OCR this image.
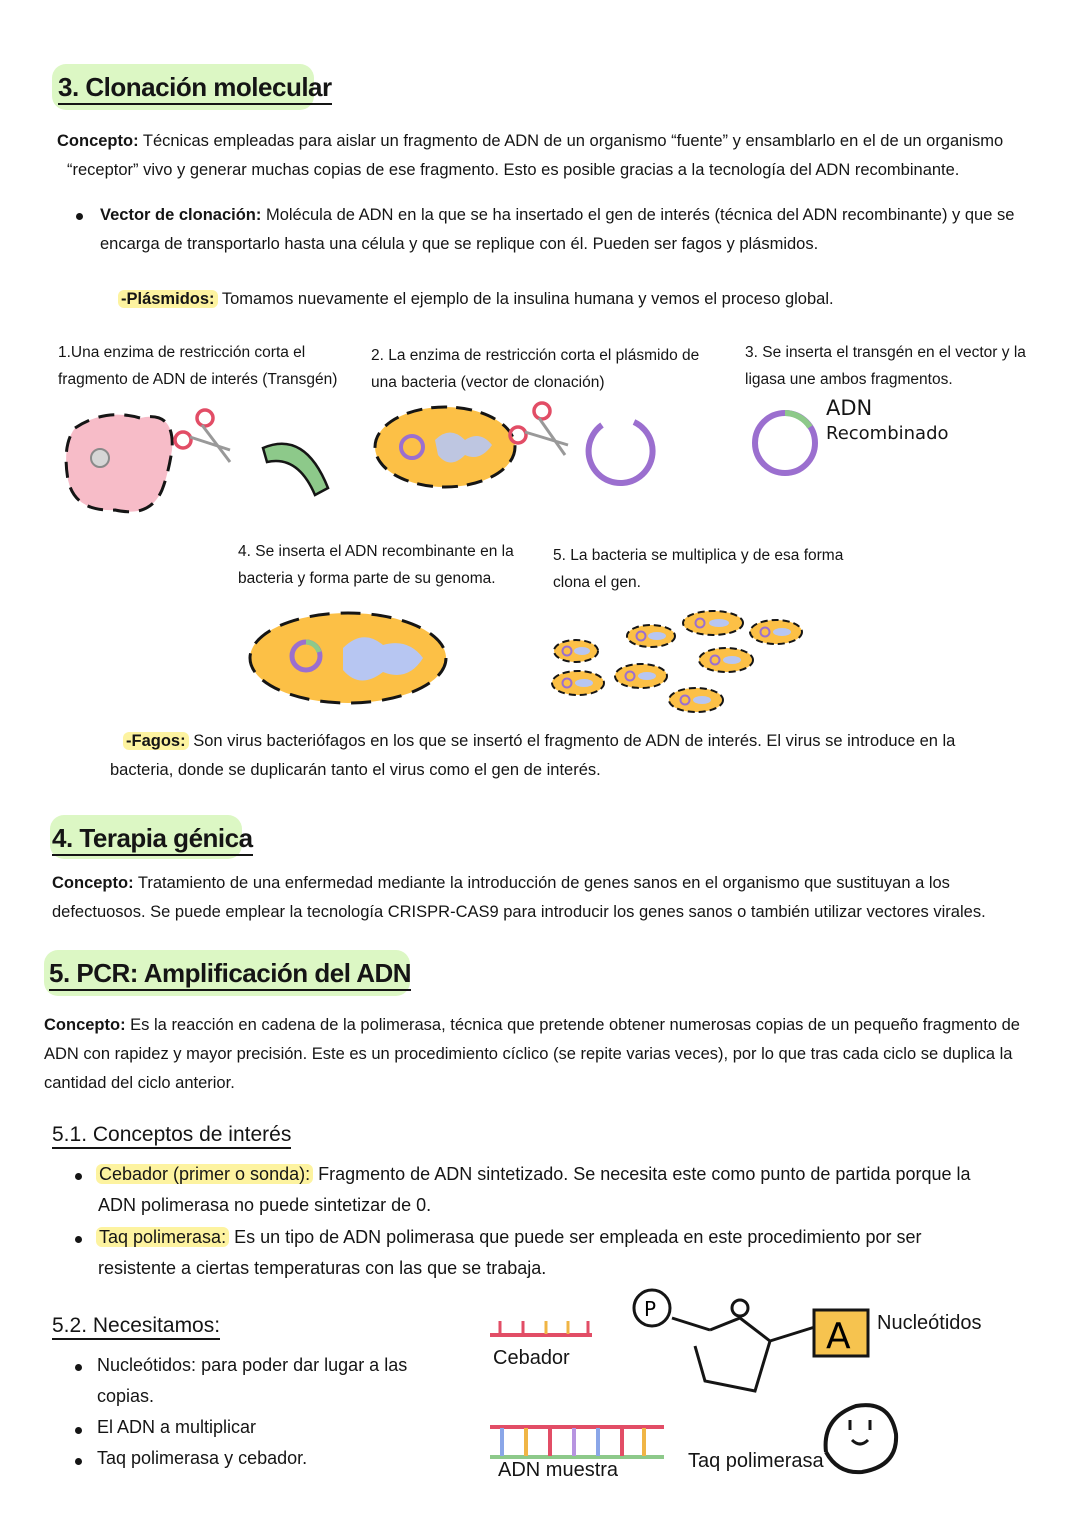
3. Clonación molecular
Concepto: Técnicas empleadas para aislar un fragmento de ADN de un organismo “fuente” y ensamblarlo en el de un organismo
“receptor” vivo y generar muchas copias de ese fragmento. Esto es posible gracias a la tecnología del ADN recombinante.
Vector de clonación: Molécula de ADN en la que se ha insertado el gen de interés (técnica del ADN recombinante) y que se
encarga de transportarlo hasta una célula y que se replique con él. Pueden ser fagos y plásmidos.
-Plásmidos: Tomamos nuevamente el ejemplo de la insulina humana y vemos el proceso global.
1.Una enzima de restricción corta el
fragmento de ADN de interés (Transgén)
2. La enzima de restricción corta el plásmido de
una bacteria (vector de clonación)
3. Se inserta el transgén en el vector y la
ligasa une ambos fragmentos.
ADN
Recombinado
4. Se inserta el ADN recombinante en la
bacteria y forma parte de su genoma.
5. La bacteria se multiplica y de esa forma
clona el gen.
-Fagos: Son virus bacteriófagos en los que se insertó el fragmento de ADN de interés. El virus se introduce en la
bacteria, donde se duplicarán tanto el virus como el gen de interés.
4. Terapia génica
Concepto: Tratamiento de una enfermedad mediante la introducción de genes sanos en el organismo que sustituyan a los
defectuosos. Se puede emplear la tecnología CRISPR-CAS9 para introducir los genes sanos o también utilizar vectores virales.
5. PCR: Amplificación del ADN
Concepto: Es la reacción en cadena de la polimerasa, técnica que pretende obtener numerosas copias de un pequeño fragmento de
ADN con rapidez y mayor precisión. Este es un procedimiento cíclico (se repite varias veces), por lo que tras cada ciclo se duplica la
cantidad del ciclo anterior.
5.1. Conceptos de interés
Cebador (primer o sonda): Fragmento de ADN sintetizado. Se necesita este como punto de partida porque la
ADN polimerasa no puede sintetizar de 0.
Taq polimerasa: Es un tipo de ADN polimerasa que puede ser empleada en este procedimiento por ser
resistente a ciertas temperaturas con las que se trabaja.
5.2. Necesitamos:
Nucleótidos: para poder dar lugar a las
copias.
El ADN a multiplicar
Taq polimerasa y cebador.
Cebador
ADN muestra
P
A Nucleótidos
Taq polimerasa
